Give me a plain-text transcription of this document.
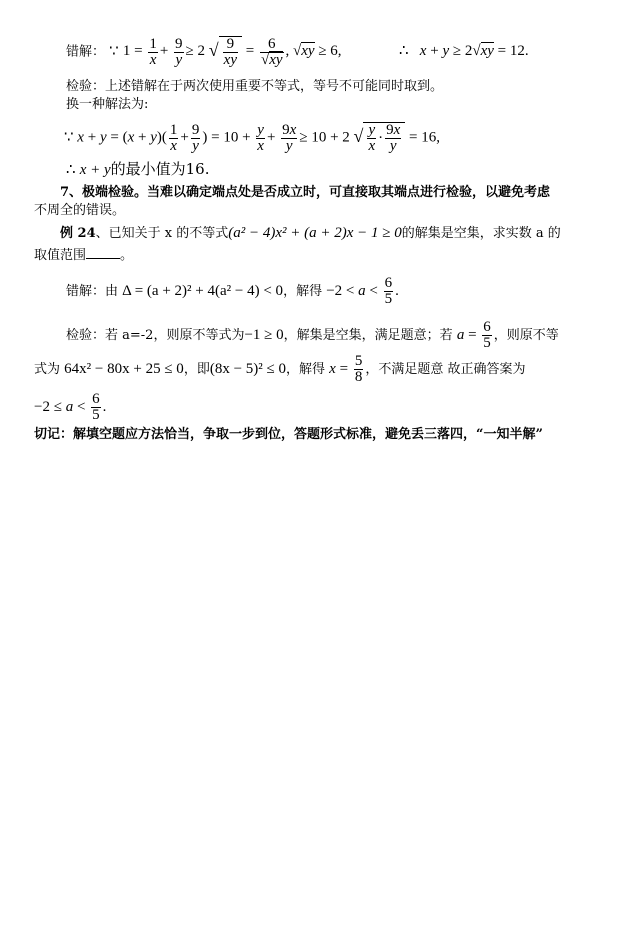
错解： ∵ $1 = \frac{1}{x} + \frac{9}{y} \ge 2$ √ $\frac{9}{xy} = \frac{6}{√xy}$ , √xy ≥ 6,	∴ x + y ≥ 2√xy = 12.
检验：上述错解在于两次使用重要不等式，等号不可能同时取到。
换一种解法为:
∵ $x + y = (x + y)( \frac{1}{x} + \frac{9}{y}$ ) = $10 + \frac{y}{x} + \frac{9x}{y} \ge 10 + 2$ √ $\frac{y}{x} \cdot \frac{9x}{y} = 16$,
∴ x + y的最小值为16.
7、极端检验。当难以确定端点处是否成立时，可直接取其端点进行检验，以避免考虑
不周全的错误。
例 24、已知关于 x 的不等式(a² − 4)x² + (a + 2)x − 1 ≥ 0的解集是空集，求实数 a 的
取值范围	。
错解：由 Δ = (a + 2)² + 4(a² − 4) < 0，解得 $-2 < a < \frac{6}{5}$ .
检验：若 a=-2，则原不等式为−1 ≥ 0，解集是空集，满足题意；若 $a = \frac{6}{5}$ ，则原不等
式为 64x² − 80x + 25 ≤ 0，即(8x − 5)² ≤ 0，解得 $x = \frac{5}{8}$ ，不满足题意 故正确答案为
$-2 \le a < \frac{6}{5}$ .
切记：解填空题应方法恰当，争取一步到位，答题形式标准，避免丢三落四，“一知半解”
